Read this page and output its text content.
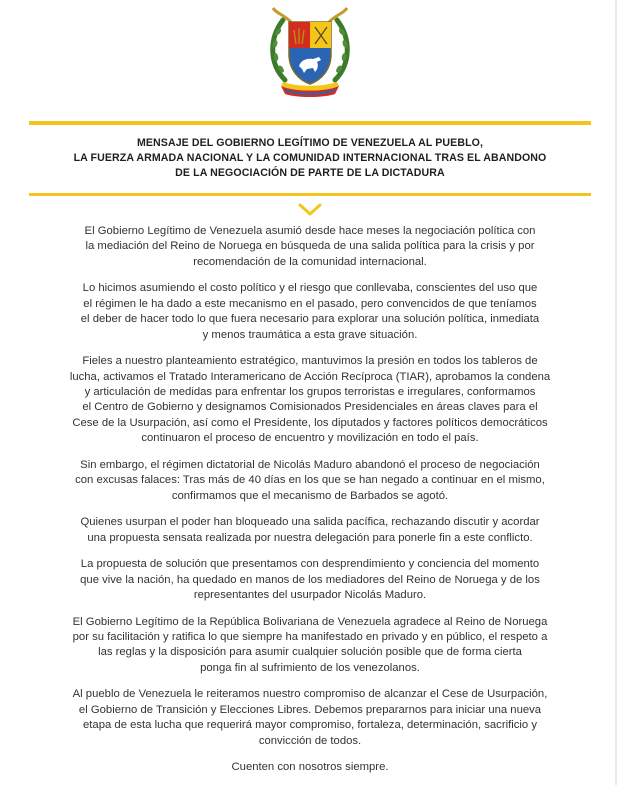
MENSAJE DEL GOBIERNO LEGÍTIMO DE VENEZUELA AL PUEBLO,
LA FUERZA ARMADA NACIONAL Y LA COMUNIDAD INTERNACIONAL TRAS EL ABANDONO
DE LA NEGOCIACIÓN DE PARTE DE LA DICTADURA
El Gobierno Legítimo de Venezuela asumió desde hace meses la negociación política con
la mediación del Reino de Noruega en búsqueda de una salida política para la crisis y por
recomendación de la comunidad internacional.
Lo hicimos asumiendo el costo político y el riesgo que conllevaba, conscientes del uso que
el régimen le ha dado a este mecanismo en el pasado, pero convencidos de que teníamos
el deber de hacer todo lo que fuera necesario para explorar una solución política, inmediata
y menos traumática a esta grave situación.
Fieles a nuestro planteamiento estratégico, mantuvimos la presión en todos los tableros de
lucha, activamos el Tratado Interamericano de Acción Recíproca (TIAR), aprobamos la condena
y articulación de medidas para enfrentar los grupos terroristas e irregulares, conformamos
el Centro de Gobierno y designamos Comisionados Presidenciales en áreas claves para el
Cese de la Usurpación, así como el Presidente, los diputados y factores políticos democráticos
continuaron el proceso de encuentro y movilización en todo el país.
Sin embargo, el régimen dictatorial de Nicolás Maduro abandonó el proceso de negociación
con excusas falaces: Tras más de 40 días en los que se han negado a continuar en el mismo,
confirmamos que el mecanismo de Barbados se agotó.
Quienes usurpan el poder han bloqueado una salida pacífica, rechazando discutir y acordar
una propuesta sensata realizada por nuestra delegación para ponerle fin a este conflicto.
La propuesta de solución que presentamos con desprendimiento y conciencia del momento
que vive la nación, ha quedado en manos de los mediadores del Reino de Noruega y de los
representantes del usurpador Nicolás Maduro.
El Gobierno Legítimo de la República Bolivariana de Venezuela agradece al Reino de Noruega
por su facilitación y ratifica lo que siempre ha manifestado en privado y en público, el respeto a
las reglas y la disposición para asumir cualquier solución posible que de forma cierta
ponga fin al sufrimiento de los venezolanos.
Al pueblo de Venezuela le reiteramos nuestro compromiso de alcanzar el Cese de Usurpación,
el Gobierno de Transición y Elecciones Libres. Debemos prepararnos para iniciar una nueva
etapa de esta lucha que requerirá mayor compromiso, fortaleza, determinación, sacrificio y
convicción de todos.
Cuenten con nosotros siempre.
